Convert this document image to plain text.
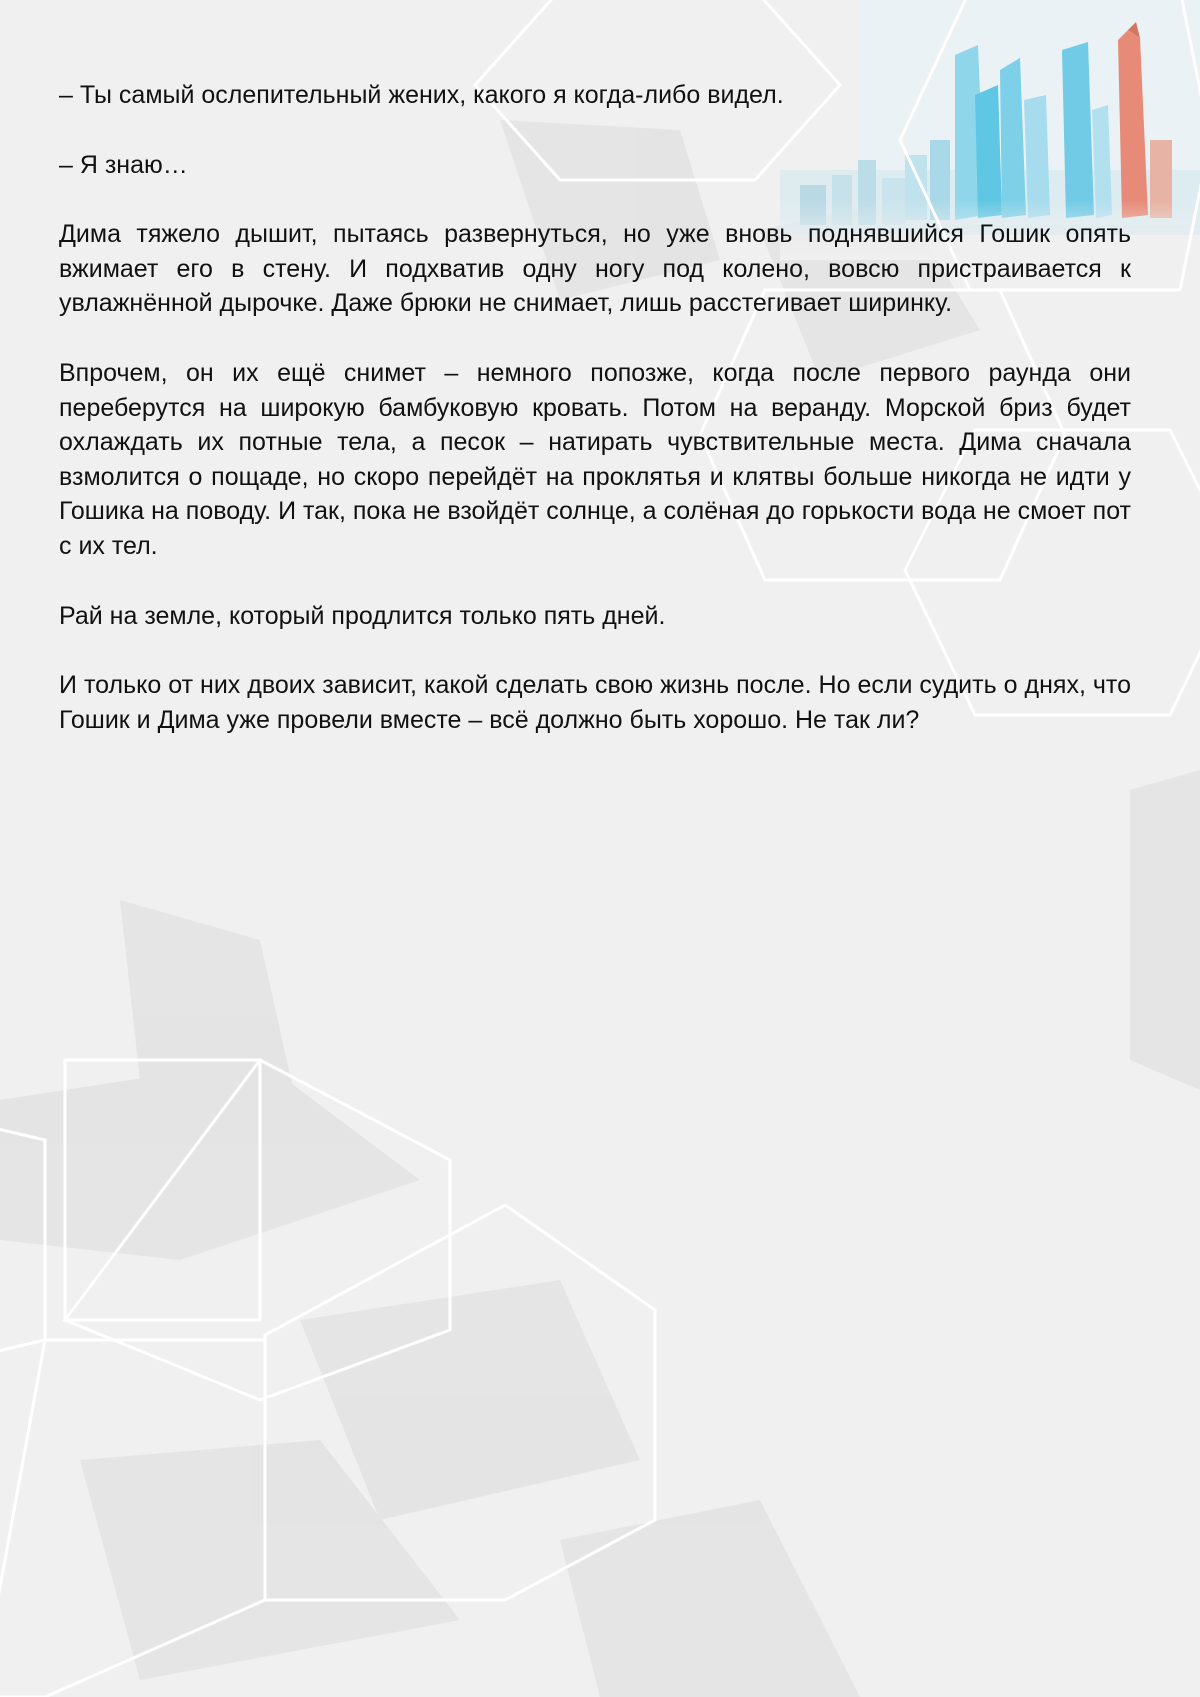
– Ты самый ослепительный жених, какого я когда-либо видел.

– Я знаю…

Дима тяжело дышит, пытаясь развернуться, но уже вновь поднявшийся Гошик опять вжимает его в стену. И подхватив одну ногу под колено, вовсю пристраивается к увлажнённой дырочке. Даже брюки не снимает, лишь расстегивает ширинку.

Впрочем, он их ещё снимет – немного попозже, когда после первого раунда они переберутся на широкую бамбуковую кровать. Потом на веранду. Морской бриз будет охлаждать их потные тела, а песок – натирать чувствительные места. Дима сначала взмолится о пощаде, но скоро перейдёт на проклятья и клятвы больше никогда не идти у Гошика на поводу. И так, пока не взойдёт солнце, а солёная до горькости вода не смоет пот с их тел.

Рай на земле, который продлится только пять дней.

И только от них двоих зависит, какой сделать свою жизнь после. Но если судить о днях, что Гошик и Дима уже провели вместе – всё должно быть хорошо. Не так ли?
